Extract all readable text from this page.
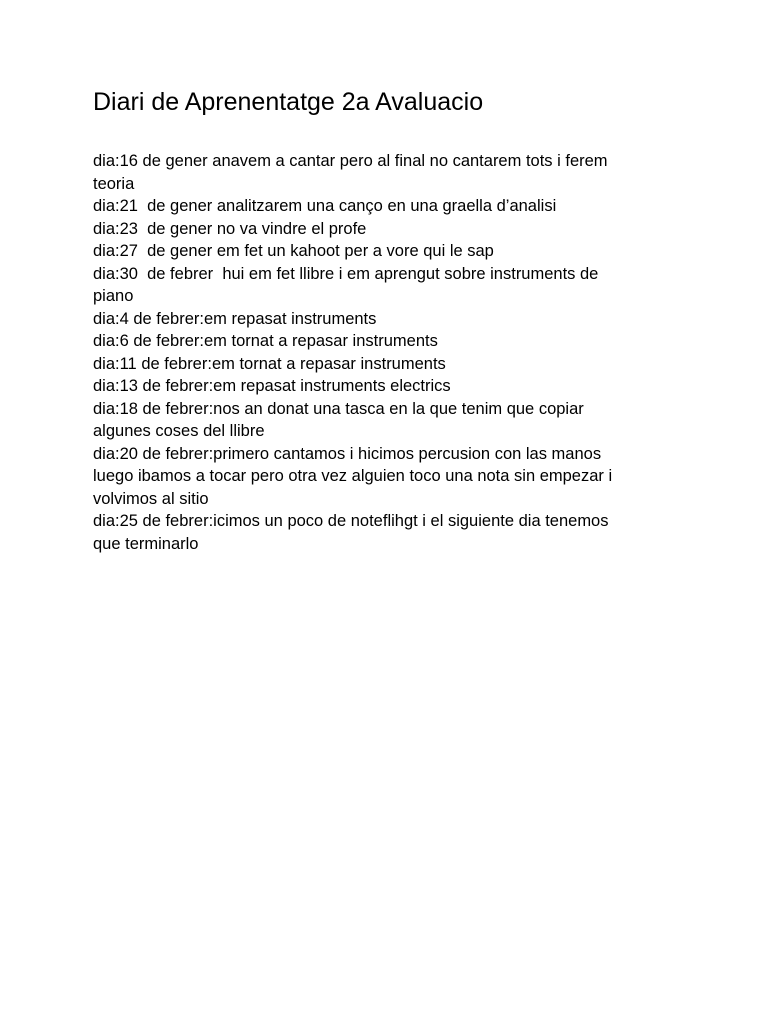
Diari de Aprenentatge 2a Avaluacio
dia:16 de gener anavem a cantar pero al final no cantarem tots i ferem
teoria
dia:21  de gener analitzarem una canço en una graella d’analisi
dia:23  de gener no va vindre el profe
dia:27  de gener em fet un kahoot per a vore qui le sap
dia:30  de febrer  hui em fet llibre i em aprengut sobre instruments de
piano
dia:4 de febrer:em repasat instruments
dia:6 de febrer:em tornat a repasar instruments
dia:11 de febrer:em tornat a repasar instruments
dia:13 de febrer:em repasat instruments electrics
dia:18 de febrer:nos an donat una tasca en la que tenim que copiar
algunes coses del llibre
dia:20 de febrer:primero cantamos i hicimos percusion con las manos
luego ibamos a tocar pero otra vez alguien toco una nota sin empezar i
volvimos al sitio
dia:25 de febrer:icimos un poco de noteflihgt i el siguiente dia tenemos
que terminarlo
